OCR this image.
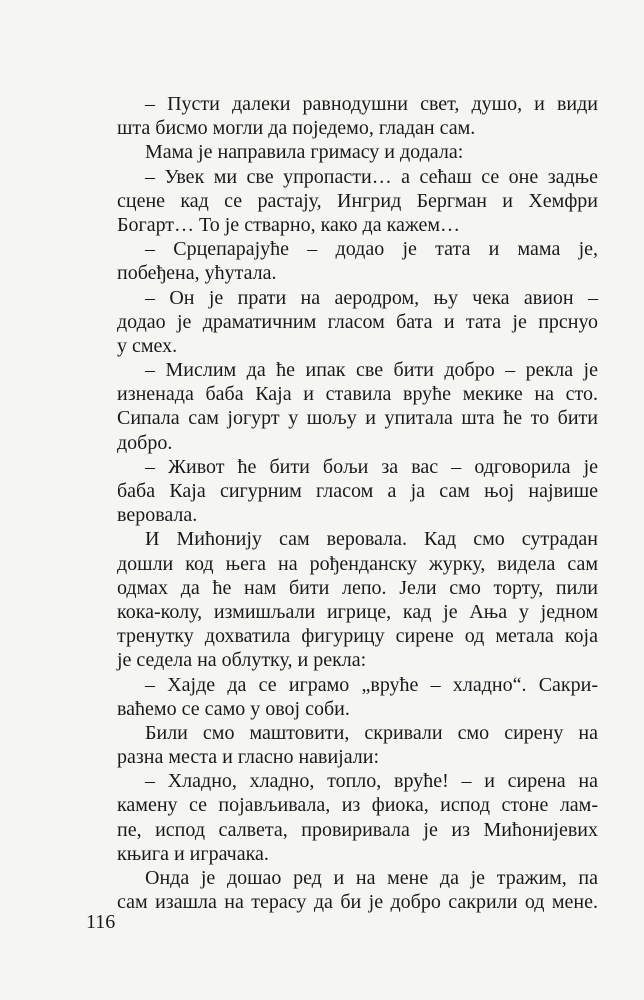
– Пусти далеки равнодушни свет, душо, и види
шта бисмо могли да поједемо, гладан сам.
Мама је направила гримасу и додала:
– Увек ми све упропасти… а сећаш се оне задње
сцене кад се растају, Ингрид Бергман и Хемфри
Богарт… То је стварно, како да кажем…
– Срцепарајуће – додао је тата и мама је,
побеђена, ућутала.
– Он је прати на аеродром, њу чека авион –
додао је драматичним гласом бата и тата је прснуо
у смех.
– Мислим да ће ипак све бити добро – рекла је
изненада баба Каја и ставила вруће мекике на сто.
Сипала сам јогурт у шољу и упитала шта ће то бити
добро.
– Живот ће бити бољи за вас – одговорила је
баба Каја сигурним гласом а ја сам њој највише
веровала.
И Мићонију сам веровала. Кад смо сутрадан
дошли код њега на рођенданску журку, видела сам
одмах да ће нам бити лепо. Јели смо торту, пили
кока-колу, измишљали игрице, кад је Ања у једном
тренутку дохватила фигурицу сирене од метала која
је седела на облутку, и рекла:
– Хајде да се играмо „вруће – хладно“. Сакри-
ваћемо се само у овој соби.
Били смо маштовити, скривали смо сирену на
разна места и гласно навијали:
– Хладно, хладно, топло, вруће! – и сирена на
камену се појављивала, из фиока, испод стоне лам-
пе, испод салвета, провиривала је из Мићонијевих
књига и играчака.
Онда је дошао ред и на мене да је тражим, па
сам изашла на терасу да би је добро сакрили од мене.
116
